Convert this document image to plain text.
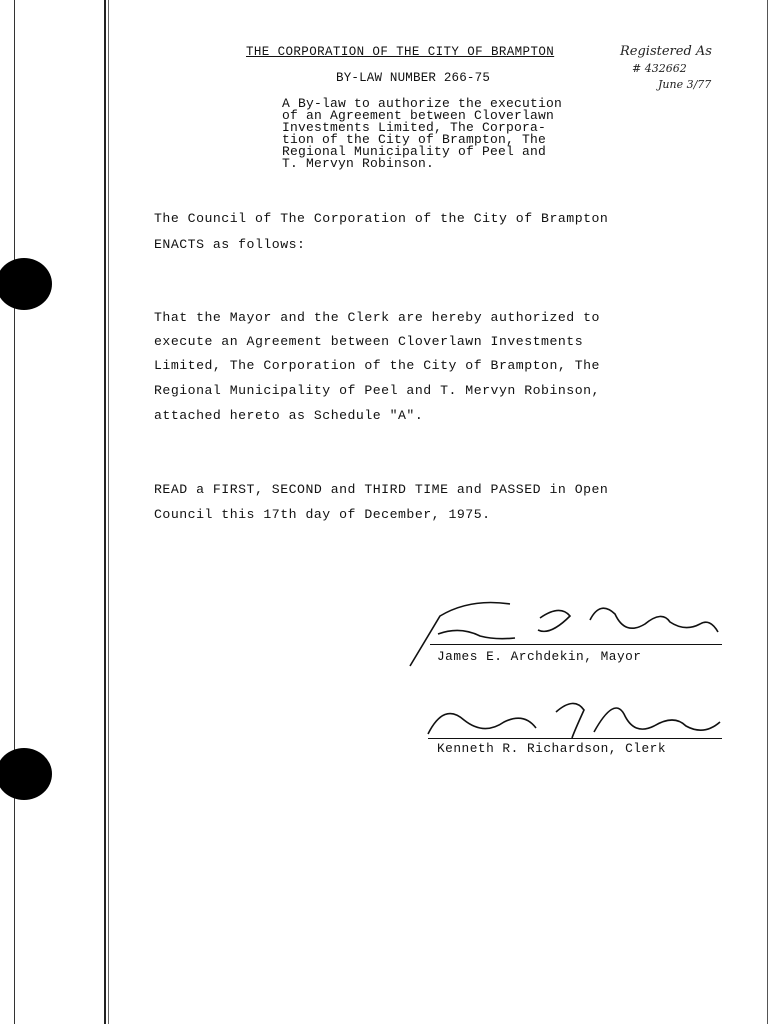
THE CORPORATION OF THE CITY OF BRAMPTON
BY-LAW NUMBER 266-75
A By-law to authorize the execution
of an Agreement between Cloverlawn
Investments Limited, The Corpora-
tion of the City of Brampton, The
Regional Municipality of Peel and
T. Mervyn Robinson.
Registered As
# 432662
June 3/77
The Council of The Corporation of the City of Brampton
ENACTS as follows:
That the Mayor and the Clerk are hereby authorized to
execute an Agreement between Cloverlawn Investments
Limited, The Corporation of the City of Brampton, The
Regional Municipality of Peel and T. Mervyn Robinson,
attached hereto as Schedule "A".
READ a FIRST, SECOND and THIRD TIME and PASSED in Open
Council this 17th day of December, 1975.
James E. Archdekin, Mayor
Kenneth R. Richardson, Clerk
